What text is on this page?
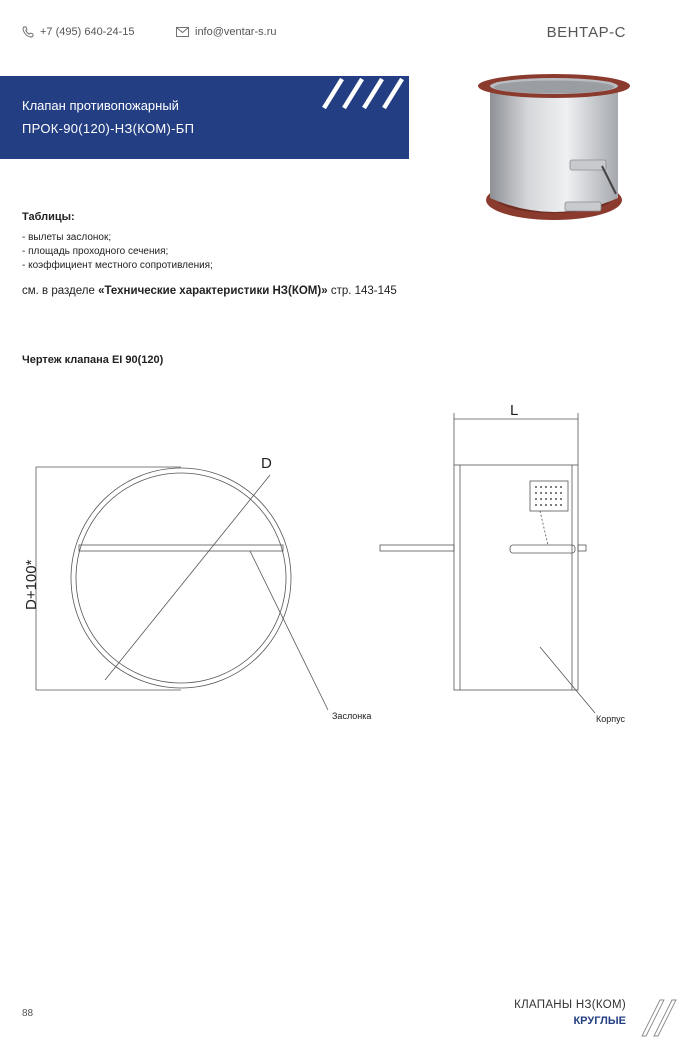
+7 (495) 640-24-15	info@ventar-s.ru	ВЕНТАР-С
Клапан противопожарный
ПРОК-90(120)-НЗ(КОМ)-БП
Таблицы:
- вылеты заслонок;
- площадь проходного сечения;
- коэффициент местного сопротивления;
см. в разделе «Технические характеристики НЗ(КОМ)» стр. 143-145
Чертеж клапана EI 90(120)
L
D
D+100*
Заслонка	Корпус
88
КЛАПАНЫ НЗ(КОМ)
КРУГЛЫЕ
